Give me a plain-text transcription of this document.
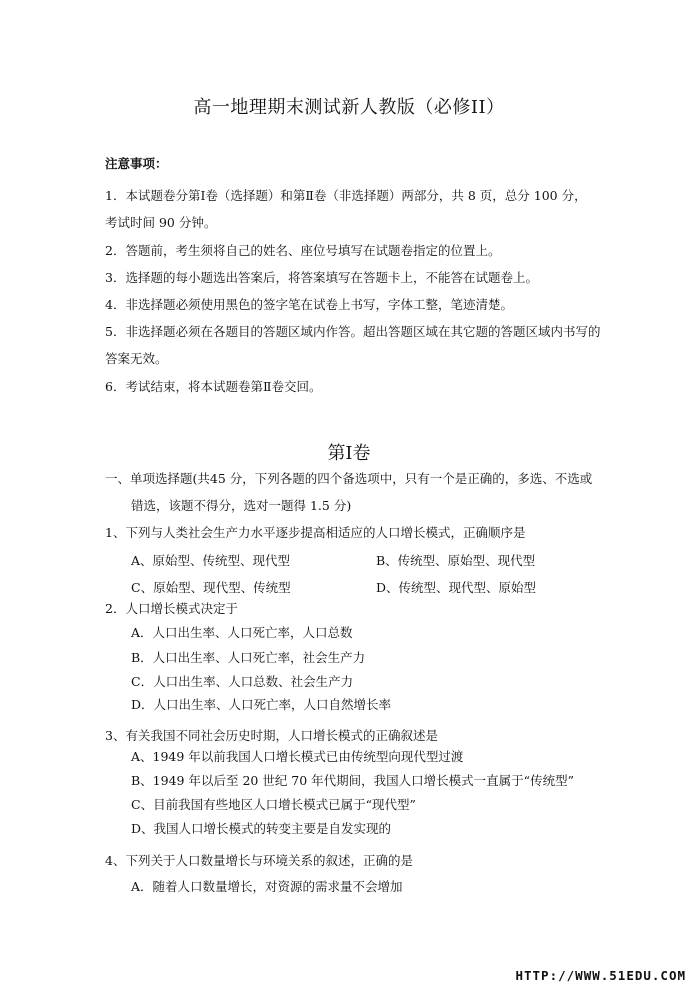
高一地理期末测试新人教版（必修II）
注意事项：
1．本试题卷分第Ⅰ卷（选择题）和第Ⅱ卷（非选择题）两部分，共 8 页，总分 100 分，
考试时间 90 分钟。
2．答题前，考生须将自己的姓名、座位号填写在试题卷指定的位置上。
3．选择题的每小题选出答案后，将答案填写在答题卡上，不能答在试题卷上。
4．非选择题必须使用黑色的签字笔在试卷上书写，字体工整，笔迹清楚。
5．非选择题必须在各题目的答题区域内作答。超出答题区域在其它题的答题区域内书写的
答案无效。
6．考试结束，将本试题卷第Ⅱ卷交回。
第Ⅰ卷
一、单项选择题(共45 分，下列各题的四个备选项中，只有一个是正确的，多选、不选或
错选，该题不得分，选对一题得 1.5 分)
1、下列与人类社会生产力水平逐步提高相适应的人口增长模式，正确顺序是
A、原始型、传统型、现代型	B、传统型、原始型、现代型
C、原始型、现代型、传统型	D、传统型、现代型、原始型
2．人口增长模式决定于
A．人口出生率、人口死亡率，人口总数
B．人口出生率、人口死亡率，社会生产力
C．人口出生率、人口总数、社会生产力
D．人口出生率、人口死亡率，人口自然增长率
3、有关我国不同社会历史时期，人口增长模式的正确叙述是
A、1949 年以前我国人口增长模式已由传统型向现代型过渡
B、1949 年以后至 20 世纪 70 年代期间，我国人口增长模式一直属于“传统型”
C、目前我国有些地区人口增长模式已属于“现代型”
D、我国人口增长模式的转变主要是自发实现的
4、下列关于人口数量增长与环境关系的叙述，正确的是
A．随着人口数量增长，对资源的需求量不会增加
HTTP://WWW.51EDU.COM
